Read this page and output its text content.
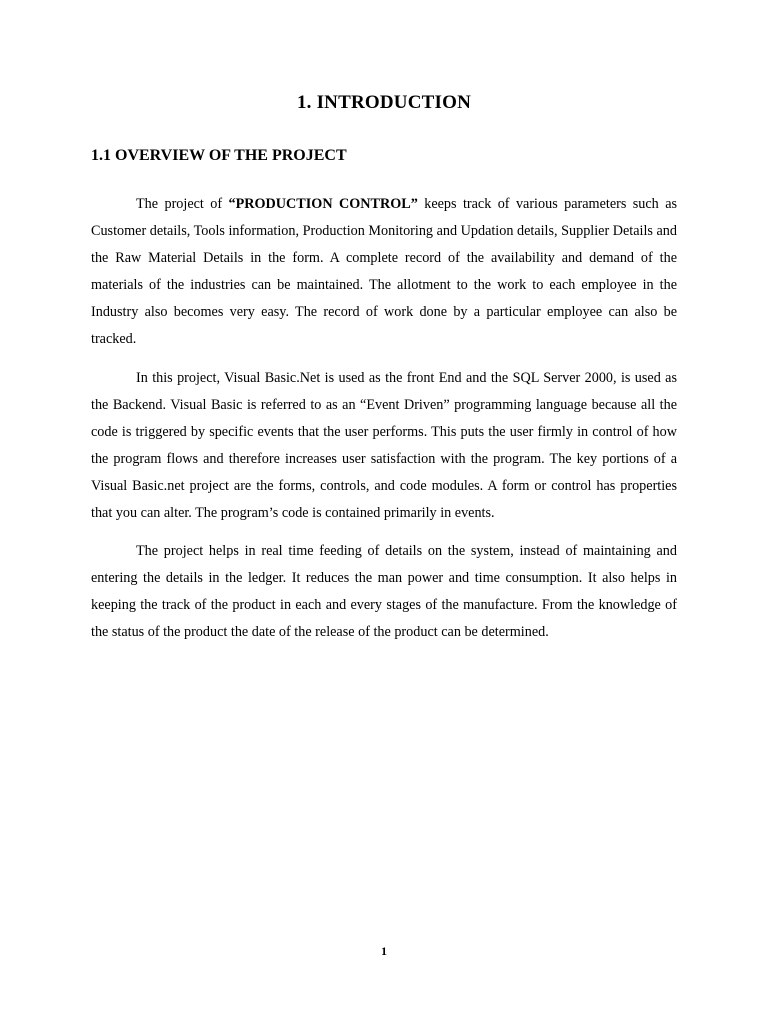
1. INTRODUCTION
1.1 OVERVIEW OF THE PROJECT

The project of “PRODUCTION CONTROL” keeps track of various parameters such as Customer details, Tools information, Production Monitoring and Updation details, Supplier Details and the Raw Material Details in the form. A complete record of the availability and demand of the materials of the industries can be maintained. The allotment to the work to each employee in the Industry also becomes very easy. The record of work done by a particular employee can also be tracked.

In this project, Visual Basic.Net is used as the front End and the SQL Server 2000, is used as the Backend. Visual Basic is referred to as an “Event Driven” programming language because all the code is triggered by specific events that the user performs. This puts the user firmly in control of how the program flows and therefore increases user satisfaction with the program. The key portions of a Visual Basic.net project are the forms, controls, and code modules. A form or control has properties that you can alter. The program’s code is contained primarily in events.

The project helps in real time feeding of details on the system, instead of maintaining and entering the details in the ledger. It reduces the man power and time consumption. It also helps in keeping the track of the product in each and every stages of the manufacture. From the knowledge of the status of the product the date of the release of the product can be determined.

1
